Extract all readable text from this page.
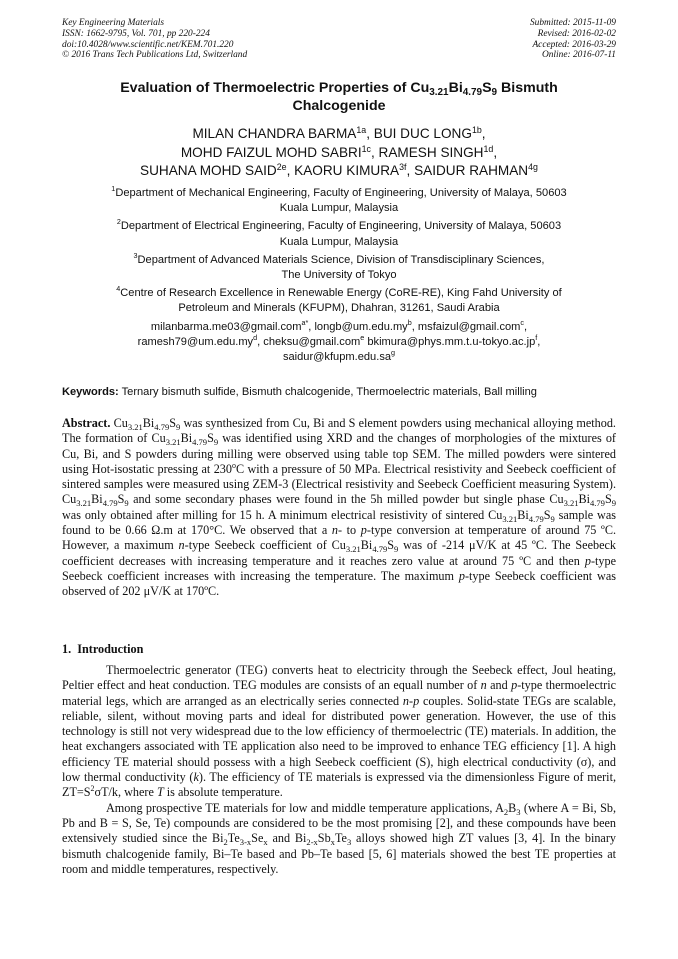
Key Engineering Materials
ISSN: 1662-9795, Vol. 701, pp 220-224
doi:10.4028/www.scientific.net/KEM.701.220
© 2016 Trans Tech Publications Ltd, Switzerland
Submitted: 2015-11-09
Revised: 2016-02-02
Accepted: 2016-03-29
Online: 2016-07-11
Evaluation of Thermoelectric Properties of $Cu_{3.21}Bi_{4.79}S_9$ Bismuth
Chalcogenide
MILAN CHANDRA $BARMA^{1a}$, BUI DUC $LONG^{1b}$,
MOHD FAIZUL MOHD $SABRI^{1c}$, RAMESH $SINGH^{1d}$,
SUHANA MOHD $SAID^{2e}$, KAORU $KIMURA^{3f}$, SAIDUR $RAHMAN^{4g}$
$^1$Department of Mechanical Engineering, Faculty of Engineering, University of Malaya, 50603
Kuala Lumpur, Malaysia
$^2$Department of Electrical Engineering, Faculty of Engineering, University of Malaya, 50603
Kuala Lumpur, Malaysia
$^3$Department of Advanced Materials Science, Division of Transdisciplinary Sciences,
The University of Tokyo
$^4$Centre of Research Excellence in Renewable Energy (CoRE-RE), King Fahd University of
Petroleum and Minerals (KFUPM), Dhahran, 31261, Saudi Arabia
milanbarma.me03@gmail.com$^{a*}$, $longb@um.edu.my^b$, msfaizul@gmail.com$^c$,
$ramesh79@um.edu.my^d$, cheksu@gmail.com$^e$ $bkimura@phys.mm.t.u-tokyo.ac.jp^f$,
$saidur@kfupm.edu.sa^g$
Keywords: Ternary bismuth sulfide, Bismuth chalcogenide, Thermoelectric materials, Ball milling
Abstract. $Cu_{3.21}Bi_{4.79}S_9$ was synthesized from Cu, Bi and S element powders using mechanical alloying method. The formation of $Cu_{3.21}Bi_{4.79}S_9$ was identified using XRD and the changes of morphologies of the mixtures of Cu, Bi, and S powders during milling were observed using table top SEM. The milled powders were sintered using Hot-isostatic pressing at 230$^o$C with a pressure of 50 MPa. Electrical resistivity and Seebeck coefficient of sintered samples were measured using ZEM-3 (Electrical resistivity and Seebeck Coefficient measuring System). $Cu_{3.21}Bi_{4.79}S_9$ and some secondary phases were found in the 5h milled powder but single phase $Cu_{3.21}Bi_{4.79}S_9$ was only obtained after milling for 15 h. A minimum electrical resistivity of sintered $Cu_{3.21}Bi_{4.79}S_9$ sample was found to be 0.66 Ω.m at 170°C. We observed that a n- to p-type conversion at temperature of around 75 ºC. However, a maximum n-type Seebeck coefficient of $Cu_{3.21}Bi_{4.79}S_9$ was of -214 μV/K at 45 ºC. The Seebeck coefficient decreases with increasing temperature and it reaches zero value at around 75 ºC and then p-type Seebeck coefficient increases with increasing the temperature. The maximum p-type Seebeck coefficient was observed of 202 μV/K at 170ºC.
1. Introduction

Thermoelectric generator (TEG) converts heat to electricity through the Seebeck effect, Joul heating, Peltier effect and heat conduction. TEG modules are consists of an equall number of n and p-type thermoelectric material legs, which are arranged as an electrically series connected n-p couples. Solid-state TEGs are scalable, reliable, silent, without moving parts and ideal for distributed power generation. However, the use of this technology is still not very widespread due to the low efficiency of thermoelectric (TE) materials. In addition, the heat exchangers associated with TE application also need to be improved to enhance TEG efficiency [1]. A high efficiency TE material should possess with a high Seebeck coefficient (S), high electrical conductivity (σ), and low thermal conductivity (k). The efficiency of TE materials is expressed via the dimensionless Figure of merit, $ZT=S^2\sigma T/k$, where T is absolute temperature.

Among prospective TE materials for low and middle temperature applications, $A_2B_3$ (where A = Bi, Sb, Pb and B = S, Se, Te) compounds are considered to be the most promising [2], and these compounds have been extensively studied since the $Bi_2Te_{3-x}Se_x$ and $Bi_{2-x}Sb_xTe_3$ alloys showed high ZT values [3, 4]. In the binary bismuth chalcogenide family, Bi–Te based and Pb–Te based [5, 6] materials showed the best TE properties at room and middle temperatures, respectively.
